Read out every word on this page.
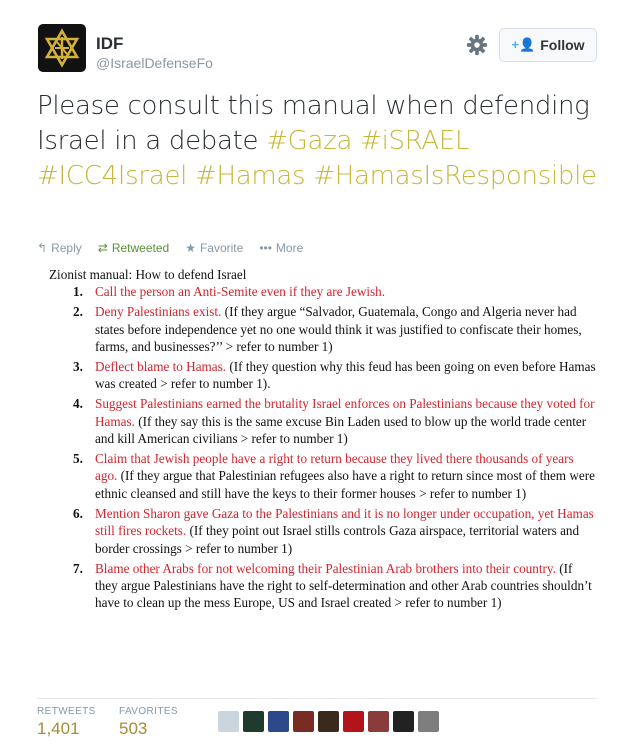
IDF
@IsraelDefenseFo
+👤 Follow
Please consult this manual when defending Israel in a debate #Gaza #iSRAEL #ICC4Israel #Hamas #HamasIsResponsible
↰ Reply ⇄ Retweeted ★ Favorite ••• More
Zionist manual: How to defend Israel
1. Call the person an Anti-Semite even if they are Jewish.
2. Deny Palestinians exist. (If they argue “Salvador, Guatemala, Congo and Algeria never had states before independence yet no one would think it was justified to confiscate their homes, farms, and businesses?’’ > refer to number 1)
3. Deflect blame to Hamas. (If they question why this feud has been going on even before Hamas was created > refer to number 1).
4. Suggest Palestinians earned the brutality Israel enforces on Palestinians because they voted for Hamas. (If they say this is the same excuse Bin Laden used to blow up the world trade center and kill American civilians > refer to number 1)
5. Claim that Jewish people have a right to return because they lived there thousands of years ago. (If they argue that Palestinian refugees also have a right to return since most of them were ethnic cleansed and still have the keys to their former houses > refer to number 1)
6. Mention Sharon gave Gaza to the Palestinians and it is no longer under occupation, yet Hamas still fires rockets. (If they point out Israel stills controls Gaza airspace, territorial waters and border crossings > refer to number 1)
7. Blame other Arabs for not welcoming their Palestinian Arab brothers into their country. (If they argue Palestinians have the right to self-determination and other Arab countries shouldn’t have to clean up the mess Europe, US and Israel created > refer to number 1)
RETWEETS
1,401
FAVORITES
503
